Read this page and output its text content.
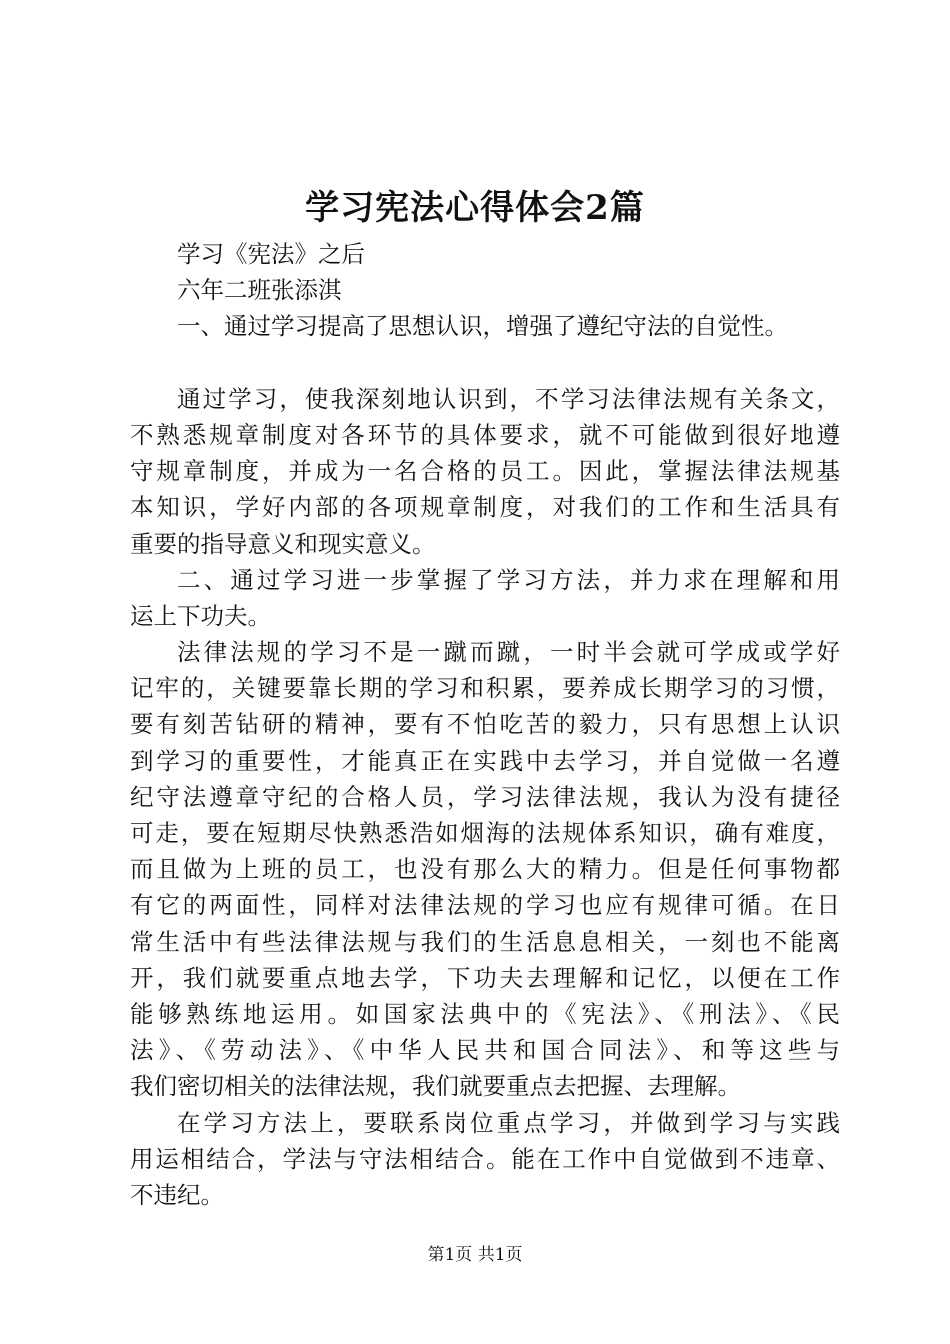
学习宪法心得体会2篇
学习《宪法》之后
六年二班张添淇
一、通过学习提高了思想认识，增强了遵纪守法的自觉性。
通过学习，使我深刻地认识到，不学习法律法规有关条文，
不熟悉规章制度对各环节的具体要求，就不可能做到很好地遵
守规章制度，并成为一名合格的员工。因此，掌握法律法规基
本知识，学好内部的各项规章制度，对我们的工作和生活具有
重要的指导意义和现实意义。
二、通过学习进一步掌握了学习方法，并力求在理解和用
运上下功夫。
法律法规的学习不是一蹴而蹴，一时半会就可学成或学好
记牢的，关键要靠长期的学习和积累，要养成长期学习的习惯，
要有刻苦钻研的精神，要有不怕吃苦的毅力，只有思想上认识
到学习的重要性，才能真正在实践中去学习，并自觉做一名遵
纪守法遵章守纪的合格人员，学习法律法规，我认为没有捷径
可走，要在短期尽快熟悉浩如烟海的法规体系知识，确有难度，
而且做为上班的员工，也没有那么大的精力。但是任何事物都
有它的两面性，同样对法律法规的学习也应有规律可循。在日
常生活中有些法律法规与我们的生活息息相关，一刻也不能离
开，我们就要重点地去学，下功夫去理解和记忆，以便在工作
能够熟练地运用。如国家法典中的《宪法》、《刑法》、《民
法》、《劳动法》、《中华人民共和国合同法》、和等这些与
我们密切相关的法律法规，我们就要重点去把握、去理解。
在学习方法上，要联系岗位重点学习，并做到学习与实践
用运相结合，学法与守法相结合。能在工作中自觉做到不违章、
不违纪。
第1页 共1页
